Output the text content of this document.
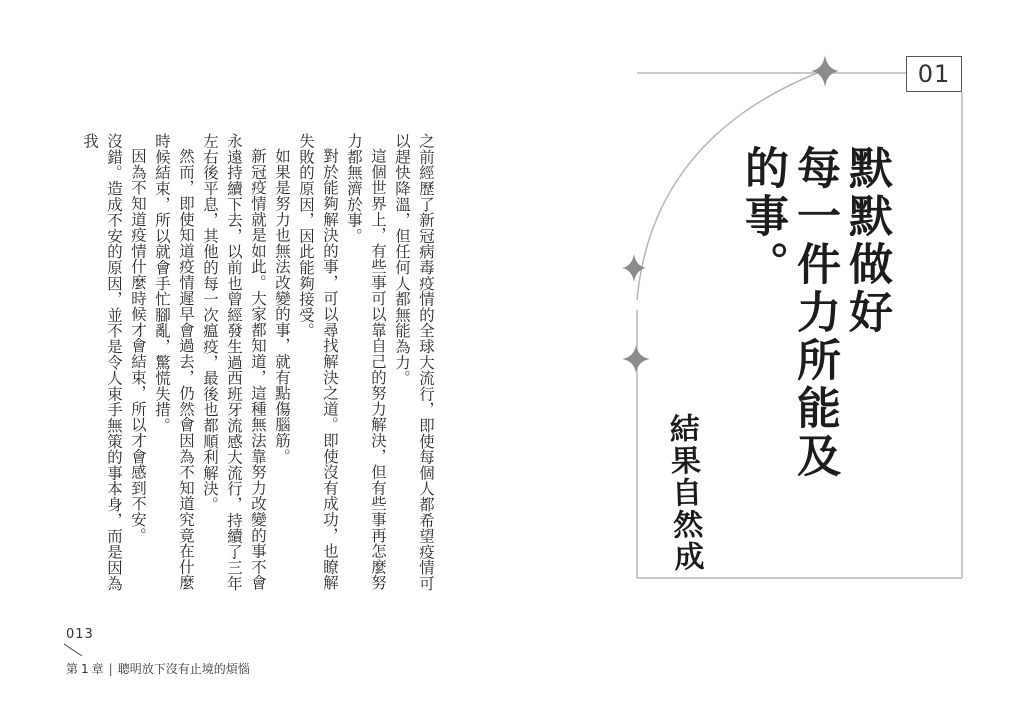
之前經歷了新冠病毒疫情的全球大流行，即使每個人都希望疫情可以趕快降溫，但任何人都無能為力。

這個世界上，有些事可以靠自己的努力解決，但有些事再怎麼努力都無濟於事。

對於能夠解決的事，可以尋找解決之道。即使沒有成功，也瞭解失敗的原因，因此能夠接受。

如果是努力也無法改變的事，就有點傷腦筋。

新冠疫情就是如此。大家都知道，這種無法靠努力改變的事不會永遠持續下去，以前也曾經發生過西班牙流感大流行，持續了三年左右後平息，其他的每一次瘟疫，最後也都順利解決。

然而，即使知道疫情遲早會過去，仍然會因為不知道究竟在什麼時候結束，所以就會手忙腳亂，驚慌失措。

因為不知道疫情什麼時候才會結束，所以才會感到不安。

沒錯。造成不安的原因，並不是令人束手無策的事本身，而是因為我

013
第 1 章 | 聰明放下沒有止境的煩惱
01
默默做好
每一件力所能及的事。
結果自然成
